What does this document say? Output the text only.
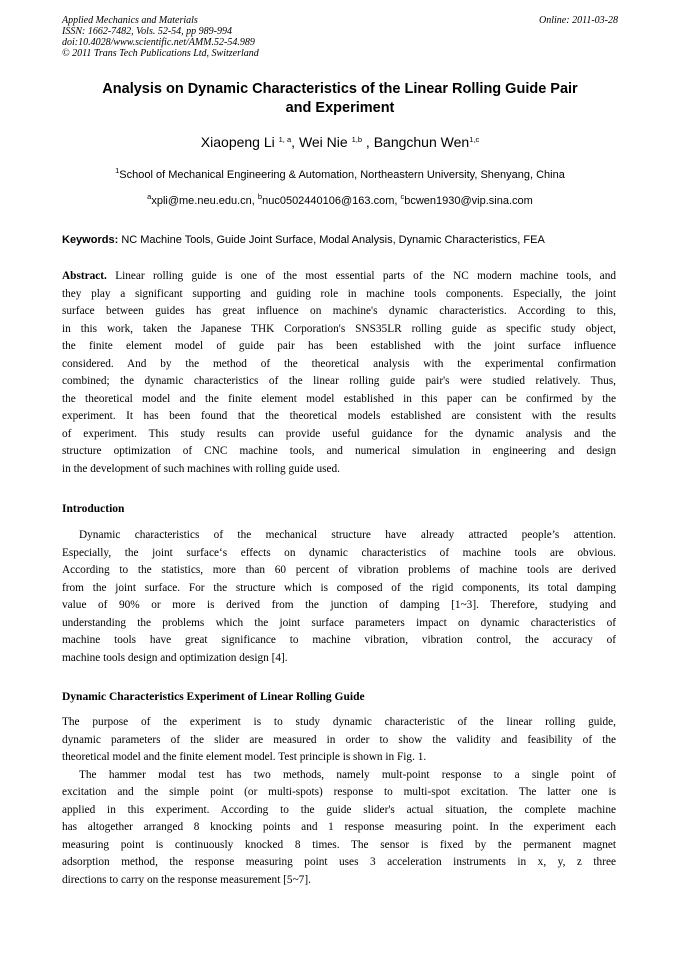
Applied Mechanics and Materials
ISSN: 1662-7482, Vols. 52-54, pp 989-994
doi:10.4028/www.scientific.net/AMM.52-54.989
© 2011 Trans Tech Publications Ltd, Switzerland
Online: 2011-03-28
Analysis on Dynamic Characteristics of the Linear Rolling Guide Pair
and Experiment
Xiaopeng Li $^{1, a}$, Wei Nie $^{1,b}$ , Bangchun Wen$^{1,c}$
$^1$School of Mechanical Engineering & Automation, Northeastern University, Shenyang, China
$^a$xpli@me.neu.edu.cn, $^b$nuc0502440106@163.com, $^c$bcwen1930@vip.sina.com
Keywords: NC Machine Tools, Guide Joint Surface, Modal Analysis, Dynamic Characteristics, FEA
Abstract. Linear rolling guide is one of the most essential parts of the NC modern machine tools, and
they play a significant supporting and guiding role in machine tools components. Especially, the joint
surface between guides has great influence on machine's dynamic characteristics. According to this,
in this work, taken the Japanese THK Corporation's SNS35LR rolling guide as specific study object,
the finite element model of guide pair has been established with the joint surface influence
considered. And by the method of the theoretical analysis with the experimental confirmation
combined; the dynamic characteristics of the linear rolling guide pair's were studied relatively. Thus,
the theoretical model and the finite element model established in this paper can be confirmed by the
experiment. It has been found that the theoretical models established are consistent with the results
of experiment. This study results can provide useful guidance for the dynamic analysis and the
structure optimization of CNC machine tools, and numerical simulation in engineering and design
in the development of such machines with rolling guide used.
Introduction
Dynamic characteristics of the mechanical structure have already attracted people’s attention.
Especially, the joint surface‘s effects on dynamic characteristics of machine tools are obvious.
According to the statistics, more than 60 percent of vibration problems of machine tools are derived
from the joint surface. For the structure which is composed of the rigid components, its total damping
value of 90% or more is derived from the junction of damping [1~3]. Therefore, studying and
understanding the problems which the joint surface parameters impact on dynamic characteristics of
machine tools have great significance to machine vibration, vibration control, the accuracy of
machine tools design and optimization design [4].
Dynamic Characteristics Experiment of Linear Rolling Guide
The purpose of the experiment is to study dynamic characteristic of the linear rolling guide,
dynamic parameters of the slider are measured in order to show the validity and feasibility of the
theoretical model and the finite element model. Test principle is shown in Fig. 1.
The hammer modal test has two methods, namely mult-point response to a single point of
excitation and the simple point (or multi-spots) response to multi-spot excitation. The latter one is
applied in this experiment. According to the guide slider's actual situation, the complete machine
has altogether arranged 8 knocking points and 1 response measuring point. In the experiment each
measuring point is continuously knocked 8 times. The sensor is fixed by the permanent magnet
adsorption method, the response measuring point uses 3 acceleration instruments in x, y, z three
directions to carry on the response measurement [5~7].
